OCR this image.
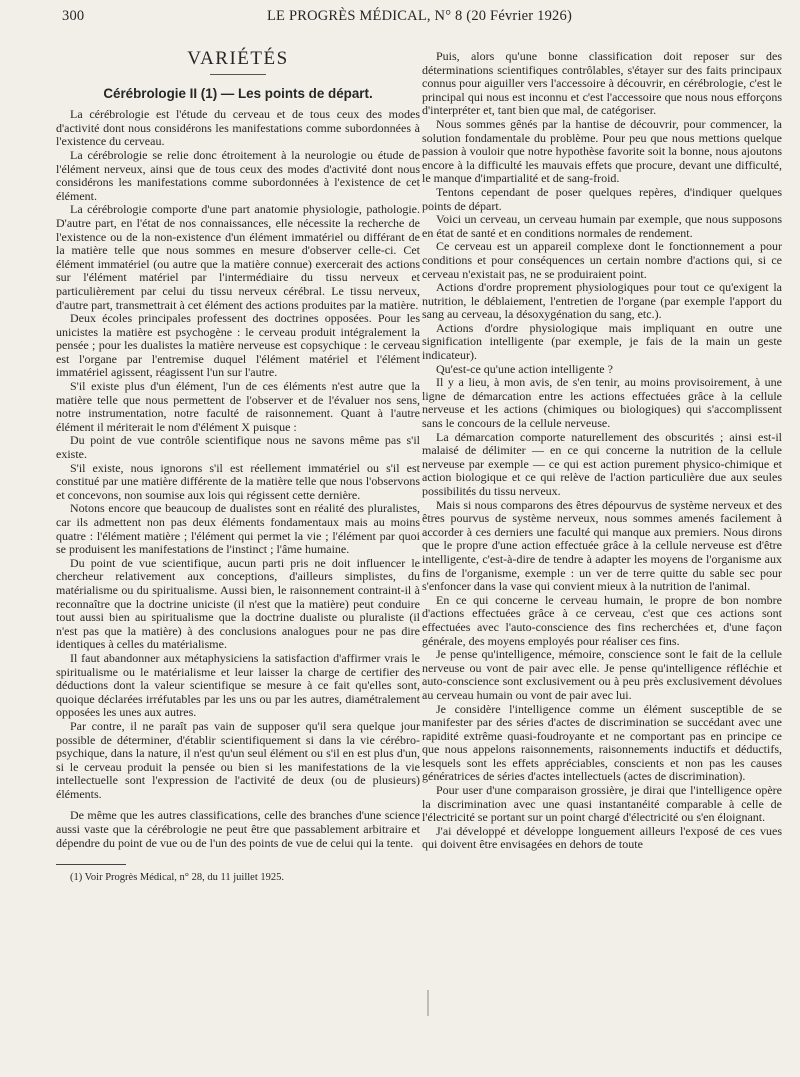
300	LE PROGRÈS MÉDICAL, N° 8 (20 Février 1926)
VARIÉTÉS
Cérébrologie II (1) — Les points de départ.

La cérébrologie est l'étude du cerveau et de tous ceux des modes d'activité dont nous considérons les manifestations comme subordonnées à l'existence du cerveau.

La cérébrologie se relie donc étroitement à la neurologie ou étude de l'élément nerveux, ainsi que de tous ceux des modes d'activité dont nous considérons les manifestations comme subordonnées à l'existence de cet élément.

La cérébrologie comporte d'une part anatomie physiologie, pathologie. D'autre part, en l'état de nos connaissances, elle nécessite la recherche de l'existence ou de la non-existence d'un élément immatériel ou différant de la matière telle que nous sommes en mesure d'observer celle-ci. Cet élément immatériel (ou autre que la matière connue) exercerait des actions sur l'élément matériel par l'intermédiaire du tissu nerveux et particulièrement par celui du tissu nerveux cérébral. Le tissu nerveux, d'autre part, transmettrait à cet élément des actions produites par la matière.

Deux écoles principales professent des doctrines opposées. Pour les unicistes la matière est psychogène : le cerveau produit intégralement la pensée ; pour les dualistes la matière nerveuse est copsychique : le cerveau est l'organe par l'entremise duquel l'élément matériel et l'élément immatériel agissent, réagissent l'un sur l'autre.

S'il existe plus d'un élément, l'un de ces éléments n'est autre que la matière telle que nous permettent de l'observer et de l'évaluer nos sens, notre instrumentation, notre faculté de raisonnement. Quant à l'autre élément il mériterait le nom d'élément X puisque :

Du point de vue contrôle scientifique nous ne savons même pas s'il existe.

S'il existe, nous ignorons s'il est réellement immatériel ou s'il est constitué par une matière différente de la matière telle que nous l'observons et concevons, non soumise aux lois qui régissent cette dernière.

Notons encore que beaucoup de dualistes sont en réalité des pluralistes, car ils admettent non pas deux éléments fondamentaux mais au moins quatre : l'élément matière ; l'élément qui permet la vie ; l'élément par quoi se produisent les manifestations de l'instinct ; l'âme humaine.

Du point de vue scientifique, aucun parti pris ne doit influencer le chercheur relativement aux conceptions, d'ailleurs simplistes, du matérialisme ou du spiritualisme. Aussi bien, le raisonnement contraint-il à reconnaître que la doctrine uniciste (il n'est que la matière) peut conduire tout aussi bien au spiritualisme que la doctrine dualiste ou pluraliste (il n'est pas que la matière) à des conclusions analogues pour ne pas dire identiques à celles du matérialisme.

Il faut abandonner aux métaphysiciens la satisfaction d'affirmer vrais le spiritualisme ou le matérialisme et leur laisser la charge de certifier des déductions dont la valeur scientifique se mesure à ce fait qu'elles sont, quoique déclarées irréfutables par les uns ou par les autres, diamétralement opposées les unes aux autres.

Par contre, il ne paraît pas vain de supposer qu'il sera quelque jour possible de déterminer, d'établir scientifiquement si dans la vie cérébro-psychique, dans la nature, il n'est qu'un seul élément ou s'il en est plus d'un, si le cerveau produit la pensée ou bien si les manifestations de la vie intellectuelle sont l'expression de l'activité de deux (ou de plusieurs) éléments.

De même que les autres classifications, celle des branches d'une science aussi vaste que la cérébrologie ne peut être que passablement arbitraire et dépendre du point de vue ou de l'un des points de vue de celui qui la tente.

(1) Voir Progrès Médical, n° 28, du 11 juillet 1925.

Puis, alors qu'une bonne classification doit reposer sur des déterminations scientifiques contrôlables, s'étayer sur des faits principaux connus pour aiguiller vers l'accessoire à découvrir, en cérébrologie, c'est le principal qui nous est inconnu et c'est l'accessoire que nous nous efforçons d'interpréter et, tant bien que mal, de catégoriser.

Nous sommes gênés par la hantise de découvrir, pour commencer, la solution fondamentale du problème. Pour peu que nous mettions quelque passion à vouloir que notre hypothèse favorite soit la bonne, nous ajoutons encore à la difficulté les mauvais effets que procure, devant une difficulté, le manque d'impartialité et de sang-froid.

Tentons cependant de poser quelques repères, d'indiquer quelques points de départ.

Voici un cerveau, un cerveau humain par exemple, que nous supposons en état de santé et en conditions normales de rendement.

Ce cerveau est un appareil complexe dont le fonctionnement a pour conditions et pour conséquences un certain nombre d'actions qui, si ce cerveau n'existait pas, ne se produiraient point.

Actions d'ordre proprement physiologiques pour tout ce qu'exigent la nutrition, le déblaiement, l'entretien de l'organe (par exemple l'apport du sang au cerveau, la désoxygénation du sang, etc.).

Actions d'ordre physiologique mais impliquant en outre une signification intelligente (par exemple, je fais de la main un geste indicateur).

Qu'est-ce qu'une action intelligente ?

Il y a lieu, à mon avis, de s'en tenir, au moins provisoirement, à une ligne de démarcation entre les actions effectuées grâce à la cellule nerveuse et les actions (chimiques ou biologiques) qui s'accomplissent sans le concours de la cellule nerveuse.

La démarcation comporte naturellement des obscurités ; ainsi est-il malaisé de délimiter — en ce qui concerne la nutrition de la cellule nerveuse par exemple — ce qui est action purement physico-chimique et action biologique et ce qui relève de l'action particulière due aux seules possibilités du tissu nerveux.

Mais si nous comparons des êtres dépourvus de système nerveux et des êtres pourvus de système nerveux, nous sommes amenés facilement à accorder à ces derniers une faculté qui manque aux premiers. Nous dirons que le propre d'une action effectuée grâce à la cellule nerveuse est d'être intelligente, c'est-à-dire de tendre à adapter les moyens de l'organisme aux fins de l'organisme, exemple : un ver de terre quitte du sable sec pour s'enfoncer dans la vase qui convient mieux à la nutrition de l'animal.

En ce qui concerne le cerveau humain, le propre de bon nombre d'actions effectuées grâce à ce cerveau, c'est que ces actions sont effectuées avec l'auto-conscience des fins recherchées et, d'une façon générale, des moyens employés pour réaliser ces fins.

Je pense qu'intelligence, mémoire, conscience sont le fait de la cellule nerveuse ou vont de pair avec elle. Je pense qu'intelligence réfléchie et auto-conscience sont exclusivement ou à peu près exclusivement dévolues au cerveau humain ou vont de pair avec lui.

Je considère l'intelligence comme un élément susceptible de se manifester par des séries d'actes de discrimination se succédant avec une rapidité extrême quasi-foudroyante et ne comportant pas en principe ce que nous appelons raisonnements, raisonnements inductifs et déductifs, lesquels sont les effets appréciables, conscients et non pas les causes génératrices de séries d'actes intellectuels (actes de discrimination).

Pour user d'une comparaison grossière, je dirai que l'intelligence opère la discrimination avec une quasi instantanéité comparable à celle de l'électricité se portant sur un point chargé d'électricité ou s'en éloignant.

J'ai développé et développe longuement ailleurs l'exposé de ces vues qui doivent être envisagées en dehors de toute
